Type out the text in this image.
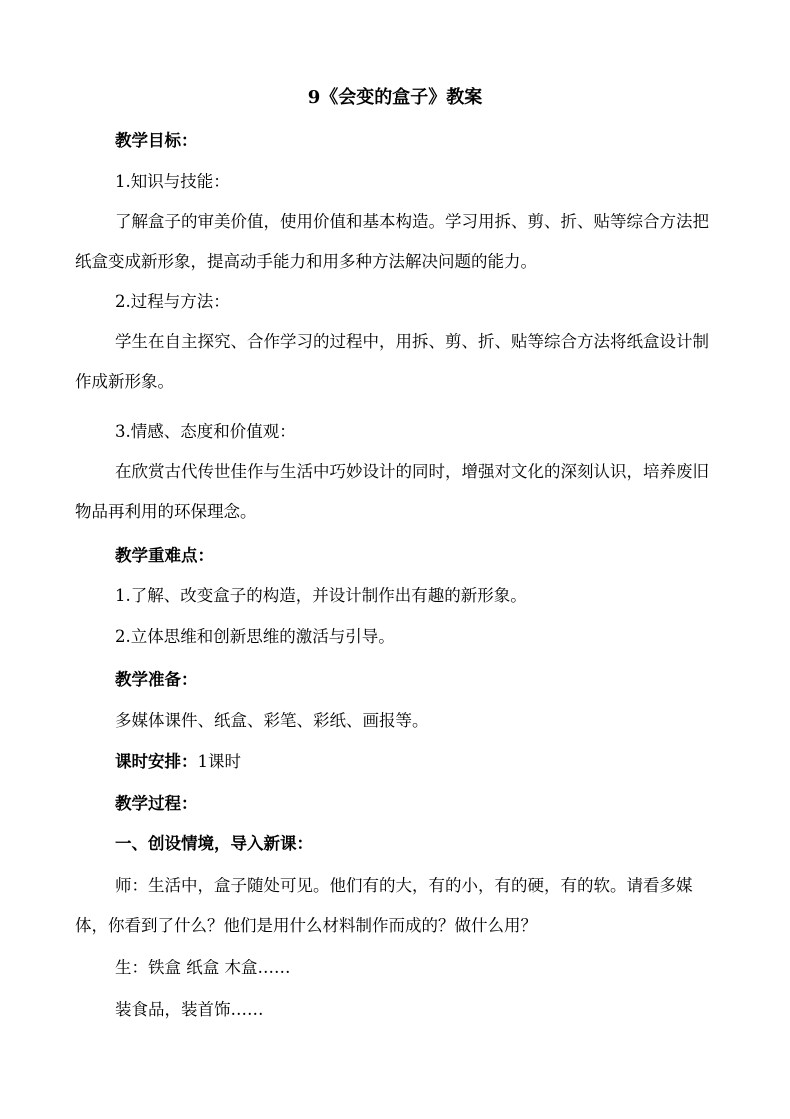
9《会变的盒子》教案
教学目标：
1.知识与技能：
了解盒子的审美价值，使用价值和基本构造。学习用拆、剪、折、贴等综合方法把纸盒变成新形象，提高动手能力和用多种方法解决问题的能力。
2.过程与方法：
学生在自主探究、合作学习的过程中，用拆、剪、折、贴等综合方法将纸盒设计制作成新形象。
3.情感、态度和价值观：
在欣赏古代传世佳作与生活中巧妙设计的同时，增强对文化的深刻认识，培养废旧物品再利用的环保理念。
教学重难点：
1.了解、改变盒子的构造，并设计制作出有趣的新形象。
2.立体思维和创新思维的激活与引导。
教学准备：
多媒体课件、纸盒、彩笔、彩纸、画报等。
课时安排：1课时
教学过程：
一、创设情境，导入新课：
师：生活中，盒子随处可见。他们有的大，有的小，有的硬，有的软。请看多媒体，你看到了什么？他们是用什么材料制作而成的？做什么用？
生：铁盒 纸盒 木盒……
装食品，装首饰……
